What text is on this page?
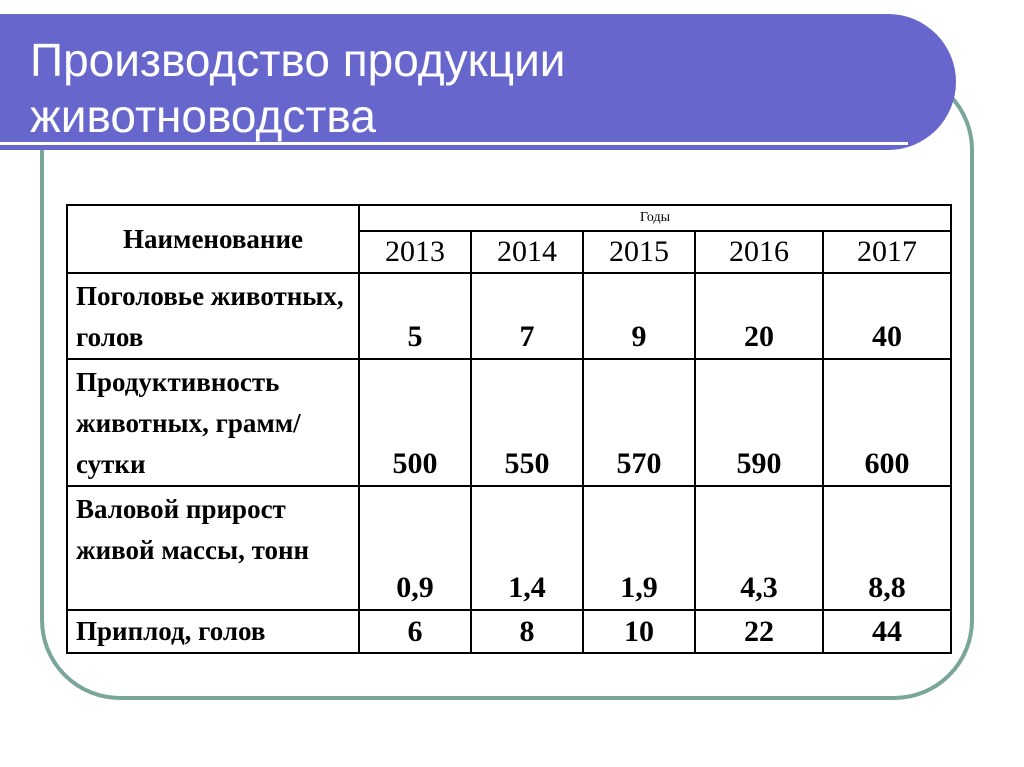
Производство продукции
животноводства
Наименование	Годы				
	2013	2014	2015	2016	2017
Поголовье животных, голов	5	7	9	20	40
Продуктивность животных, грамм/сутки	500	550	570	590	600
Валовой прирост живой массы, тонн	0,9	1,4	1,9	4,3	8,8
Приплод, голов	6	8	10	22	44
